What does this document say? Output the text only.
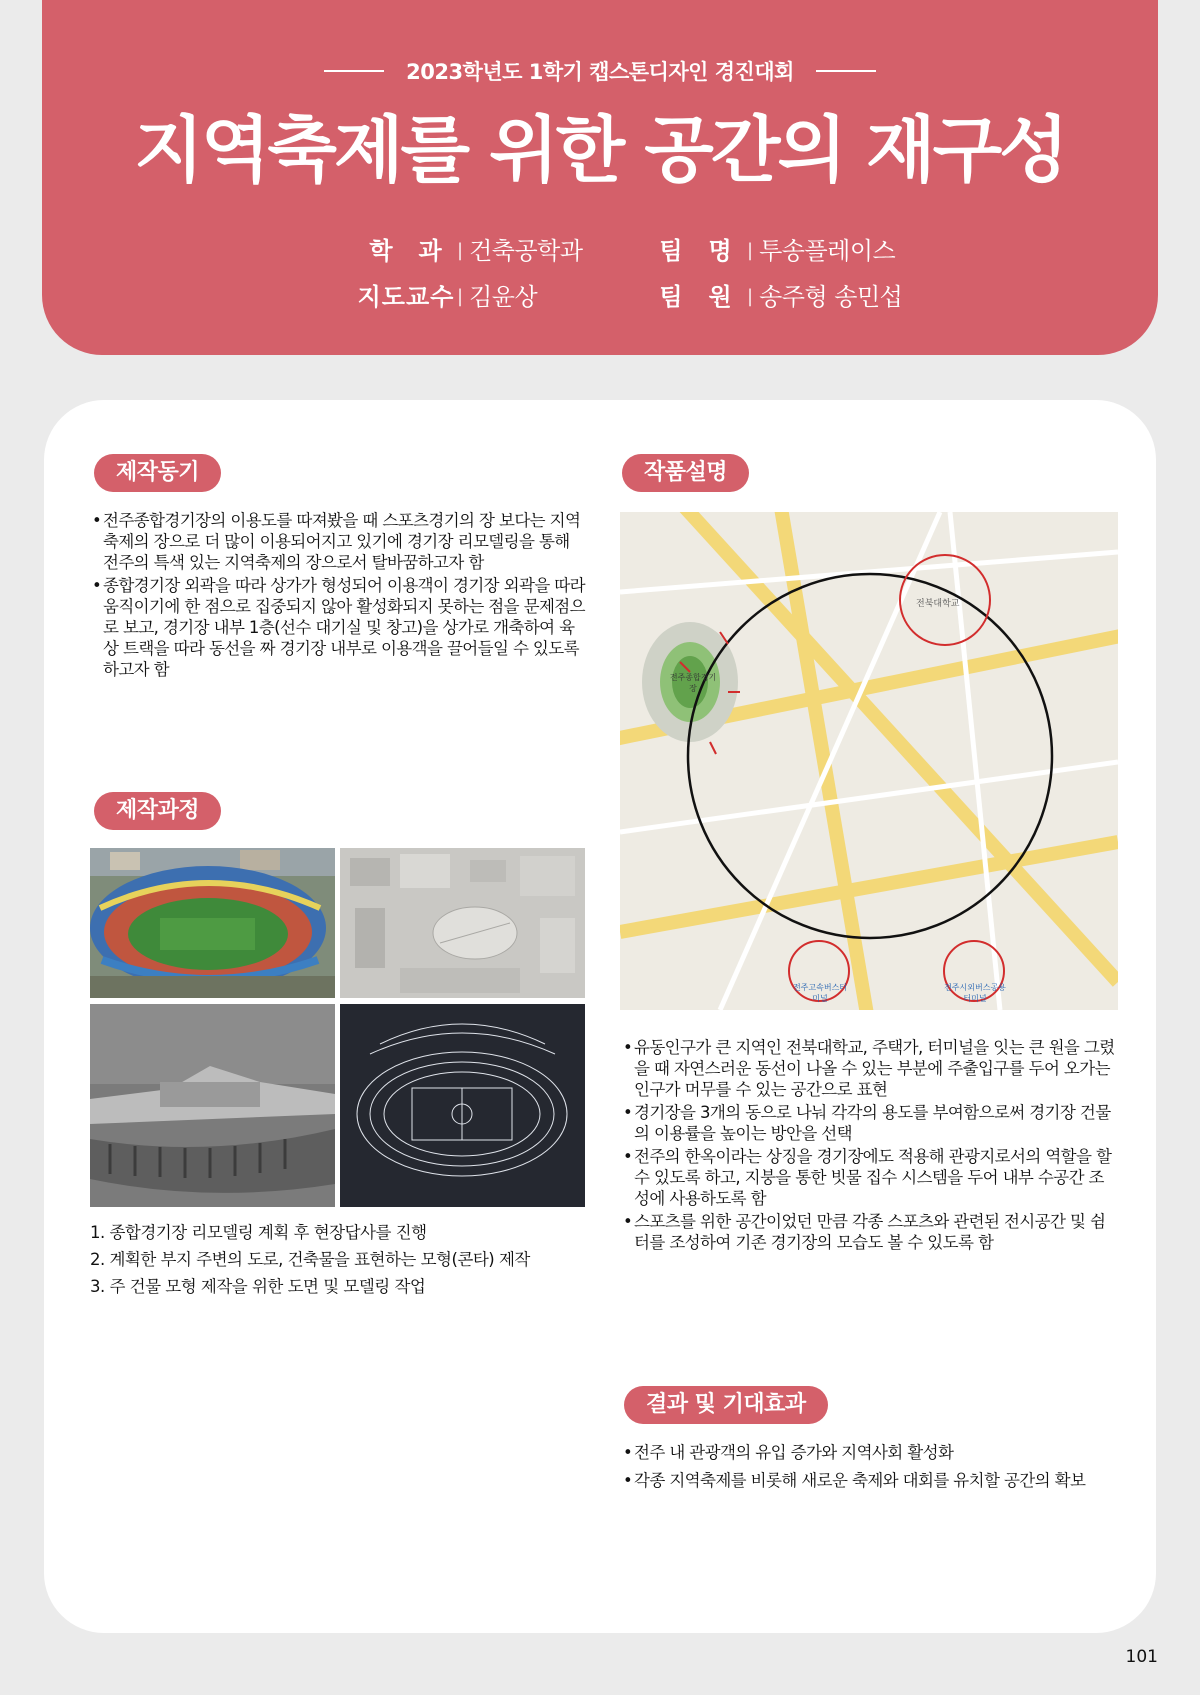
2023학년도 1학기 캡스톤디자인 경진대회
지역축제를 위한 공간의 재구성
학　과 | 건축공학과	팀　명 | 투송플레이스
지도교수 | 김윤상	팀　원 | 송주형 송민섭
제작동기
• 전주종합경기장의 이용도를 따져봤을 때 스포츠경기의 장 보다는 지역축제의 장으로 더 많이 이용되어지고 있기에 경기장 리모델링을 통해 전주의 특색 있는 지역축제의 장으로서 탈바꿈하고자 함
• 종합경기장 외곽을 따라 상가가 형성되어 이용객이 경기장 외곽을 따라 움직이기에 한 점으로 집중되지 않아 활성화되지 못하는 점을 문제점으로 보고, 경기장 내부 1층(선수 대기실 및 창고)을 상가로 개축하여 육상 트랙을 따라 동선을 짜 경기장 내부로 이용객을 끌어들일 수 있도록 하고자 함
제작과정
1. 종합경기장 리모델링 계획 후 현장답사를 진행
2. 계획한 부지 주변의 도로, 건축물을 표현하는 모형(콘타) 제작
3. 주 건물 모형 제작을 위한 도면 및 모델링 작업
작품설명
전북대학교
전주종합경기장
전주고속버스터미널
전주시외버스공용터미널
• 유동인구가 큰 지역인 전북대학교, 주택가, 터미널을 잇는 큰 원을 그렸을 때 자연스러운 동선이 나올 수 있는 부분에 주출입구를 두어 오가는 인구가 머무를 수 있는 공간으로 표현
• 경기장을 3개의 동으로 나눠 각각의 용도를 부여함으로써 경기장 건물의 이용률을 높이는 방안을 선택
• 전주의 한옥이라는 상징을 경기장에도 적용해 관광지로서의 역할을 할 수 있도록 하고, 지붕을 통한 빗물 집수 시스템을 두어 내부 수공간 조성에 사용하도록 함
• 스포츠를 위한 공간이었던 만큼 각종 스포츠와 관련된 전시공간 및 쉼터를 조성하여 기존 경기장의 모습도 볼 수 있도록 함
결과 및 기대효과
• 전주 내 관광객의 유입 증가와 지역사회 활성화
• 각종 지역축제를 비롯해 새로운 축제와 대회를 유치할 공간의 확보
101
